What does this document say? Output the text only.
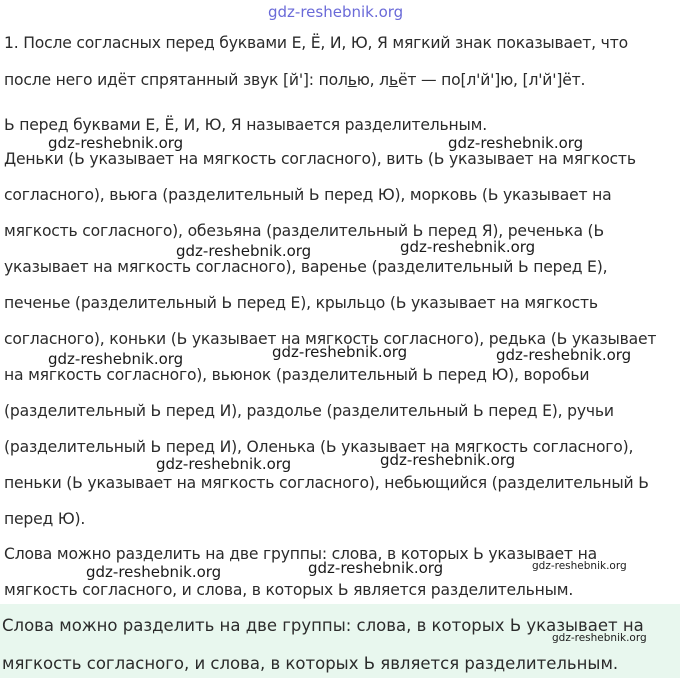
gdz-reshebnik.org
1. После согласных перед буквами Е, Ё, И, Ю, Я мягкий знак показывает, что
после него идёт спрятанный звук [й']: полью, льёт — по[л'й']ю, [л'й']ёт.
Ь перед буквами Е, Ё, И, Ю, Я называется разделительным.
Деньки (Ь указывает на мягкость согласного), вить (Ь указывает на мягкость
согласного), вьюга (разделительный Ь перед Ю), морковь (Ь указывает на
мягкость согласного), обезьяна (разделительный Ь перед Я), реченька (Ь
указывает на мягкость согласного), варенье (разделительный Ь перед Е),
печенье (разделительный Ь перед Е), крыльцо (Ь указывает на мягкость
согласного), коньки (Ь указывает на мягкость согласного), редька (Ь указывает
на мягкость согласного), вьюнок (разделительный Ь перед Ю), воробьи
(разделительный Ь перед И), раздолье (разделительный Ь перед Е), ручьи
(разделительный Ь перед И), Оленька (Ь указывает на мягкость согласного),
пеньки (Ь указывает на мягкость согласного), небьющийся (разделительный Ь
перед Ю).
Слова можно разделить на две группы: слова, в которых Ь указывает на
мягкость согласного, и слова, в которых Ь является разделительным.
Слова можно разделить на две группы: слова, в которых Ь указывает на
мягкость согласного, и слова, в которых Ь является разделительным.
gdz-reshebnik.org	gdz-reshebnik.org
gdz-reshebnik.org	gdz-reshebnik.org
gdz-reshebnik.org	gdz-reshebnik.org	gdz-reshebnik.org
gdz-reshebnik.org	gdz-reshebnik.org
gdz-reshebnik.org	gdz-reshebnik.org	gdz-reshebnik.org
gdz-reshebnik.org
